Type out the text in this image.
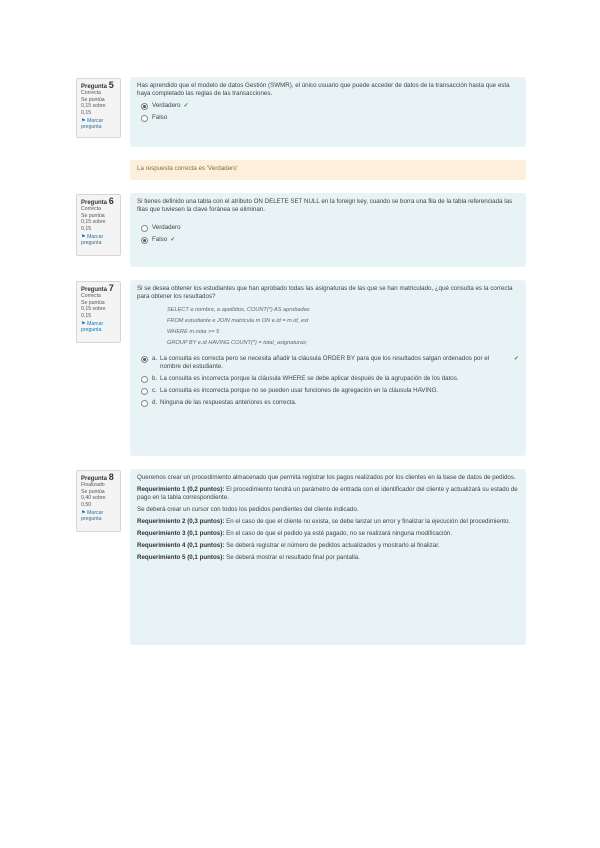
Pregunta 5
Correcta
Se puntúa 0,15 sobre 0,15
⚑ Marcar pregunta

Has aprendido que el modelo de datos Gestión (SWMR), el único usuario que puede acceder de datos de la transacción hasta que esta haya completado las reglas de las transacciones.

Verdadero ✓
Falso
La respuesta correcta es 'Verdadero'
Pregunta 6
Correcta
Se puntúa 0,15 sobre 0,15
⚑ Marcar pregunta

Si tienes definido una tabla con el atributo ON DELETE SET NULL en la foreign key, cuando se borra una fila de la tabla referenciada las filas que tuviesen la clave foránea se eliminan.

Verdadero
Falso ✓
Pregunta 7
Correcta
Se puntúa 0,15 sobre 0,15
⚑ Marcar pregunta

Si se desea obtener los estudiantes que han aprobado todas las asignaturas de las que se han matriculado, ¿qué consulta es la correcta para obtener los resultados?

SELECT e.nombre, e.apellidos, COUNT(*) AS aprobadas
FROM estudiante e JOIN matricula m ON e.id = m.id_est
WHERE m.nota >= 5
GROUP BY e.id HAVING COUNT(*) = total_asignaturas;
a. La consulta es correcta pero se necesita añadir la cláusula ORDER BY para que los resultados salgan ordenados por el nombre del estudiante.
✓
b. La consulta es incorrecta porque la cláusula WHERE se debe aplicar después de la agrupación de los datos.
c. La consulta es incorrecta porque no se pueden usar funciones de agregación en la cláusula HAVING.
d. Ninguna de las respuestas anteriores es correcta.
Pregunta 8
Finalizado
Se puntúa 0,40 sobre 0,50
⚑ Marcar pregunta

Queremos crear un procedimiento almacenado que permita registrar los pagos realizados por los clientes en la base de datos de pedidos.

Requerimiento 1 (0,2 puntos): El procedimiento tendrá un parámetro de entrada con el identificador del cliente y actualizará su estado de pago en la tabla correspondiente.

Se deberá crear un cursor con todos los pedidos pendientes del cliente indicado.

Requerimiento 2 (0,3 puntos): En el caso de que el cliente no exista, se debe lanzar un error y finalizar la ejecución del procedimiento.

Requerimiento 3 (0,1 puntos): En el caso de que el pedido ya esté pagado, no se realizará ninguna modificación.

Requerimiento 4 (0,1 puntos): Se deberá registrar el número de pedidos actualizados y mostrarlo al finalizar.

Requerimiento 5 (0,1 puntos): Se deberá mostrar el resultado final por pantalla.
